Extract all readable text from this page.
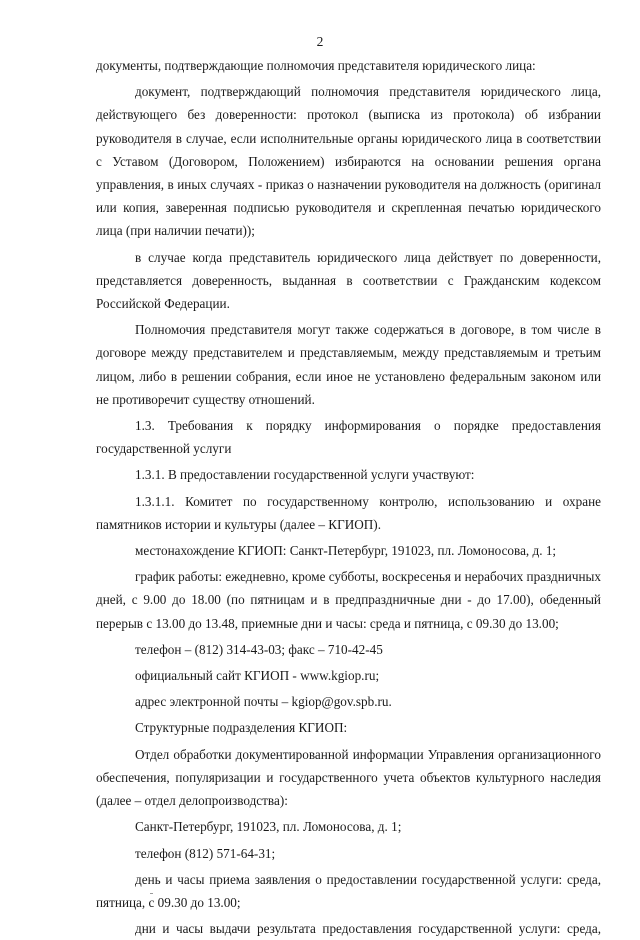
2

документы, подтверждающие полномочия представителя юридического лица:

документ, подтверждающий полномочия представителя юридического лица, действующего без доверенности: протокол (выписка из протокола) об избрании руководителя в случае, если исполнительные органы юридического лица в соответствии с Уставом (Договором, Положением) избираются на основании решения органа управления, в иных случаях - приказ о назначении руководителя на должность (оригинал или копия, заверенная подписью руководителя и скрепленная печатью юридического лица (при наличии печати));

в случае когда представитель юридического лица действует по доверенности, представляется доверенность, выданная в соответствии с Гражданским кодексом Российской Федерации.

Полномочия представителя могут также содержаться в договоре, в том числе в договоре между представителем и представляемым, между представляемым и третьим лицом, либо в решении собрания, если иное не установлено федеральным законом или не противоречит существу отношений.

1.3. Требования к порядку информирования о порядке предоставления государственной услуги

1.3.1. В предоставлении государственной услуги участвуют:

1.3.1.1. Комитет по государственному контролю, использованию и охране памятников истории и культуры (далее – КГИОП).

местонахождение КГИОП: Санкт-Петербург, 191023, пл. Ломоносова, д. 1;

график работы: ежедневно, кроме субботы, воскресенья и нерабочих праздничных дней, с 9.00 до 18.00 (по пятницам и в предпраздничные дни - до 17.00), обеденный перерыв с 13.00 до 13.48, приемные дни и часы: среда и пятница, с 09.30 до 13.00;

телефон – (812) 314-43-03; факс – 710-42-45

официальный сайт КГИОП - www.kgiop.ru;

адрес электронной почты – kgiop@gov.spb.ru.

Структурные подразделения КГИОП:

Отдел обработки документированной информации Управления организационного обеспечения, популяризации и государственного учета объектов культурного наследия (далее – отдел делопроизводства):

Санкт-Петербург, 191023, пл. Ломоносова, д. 1;

телефон (812) 571-64-31;

день и часы приема заявления о предоставлении государственной услуги: среда, пятница, с 09.30 до 13.00;

дни и часы выдачи результата предоставления государственной услуги: среда,
